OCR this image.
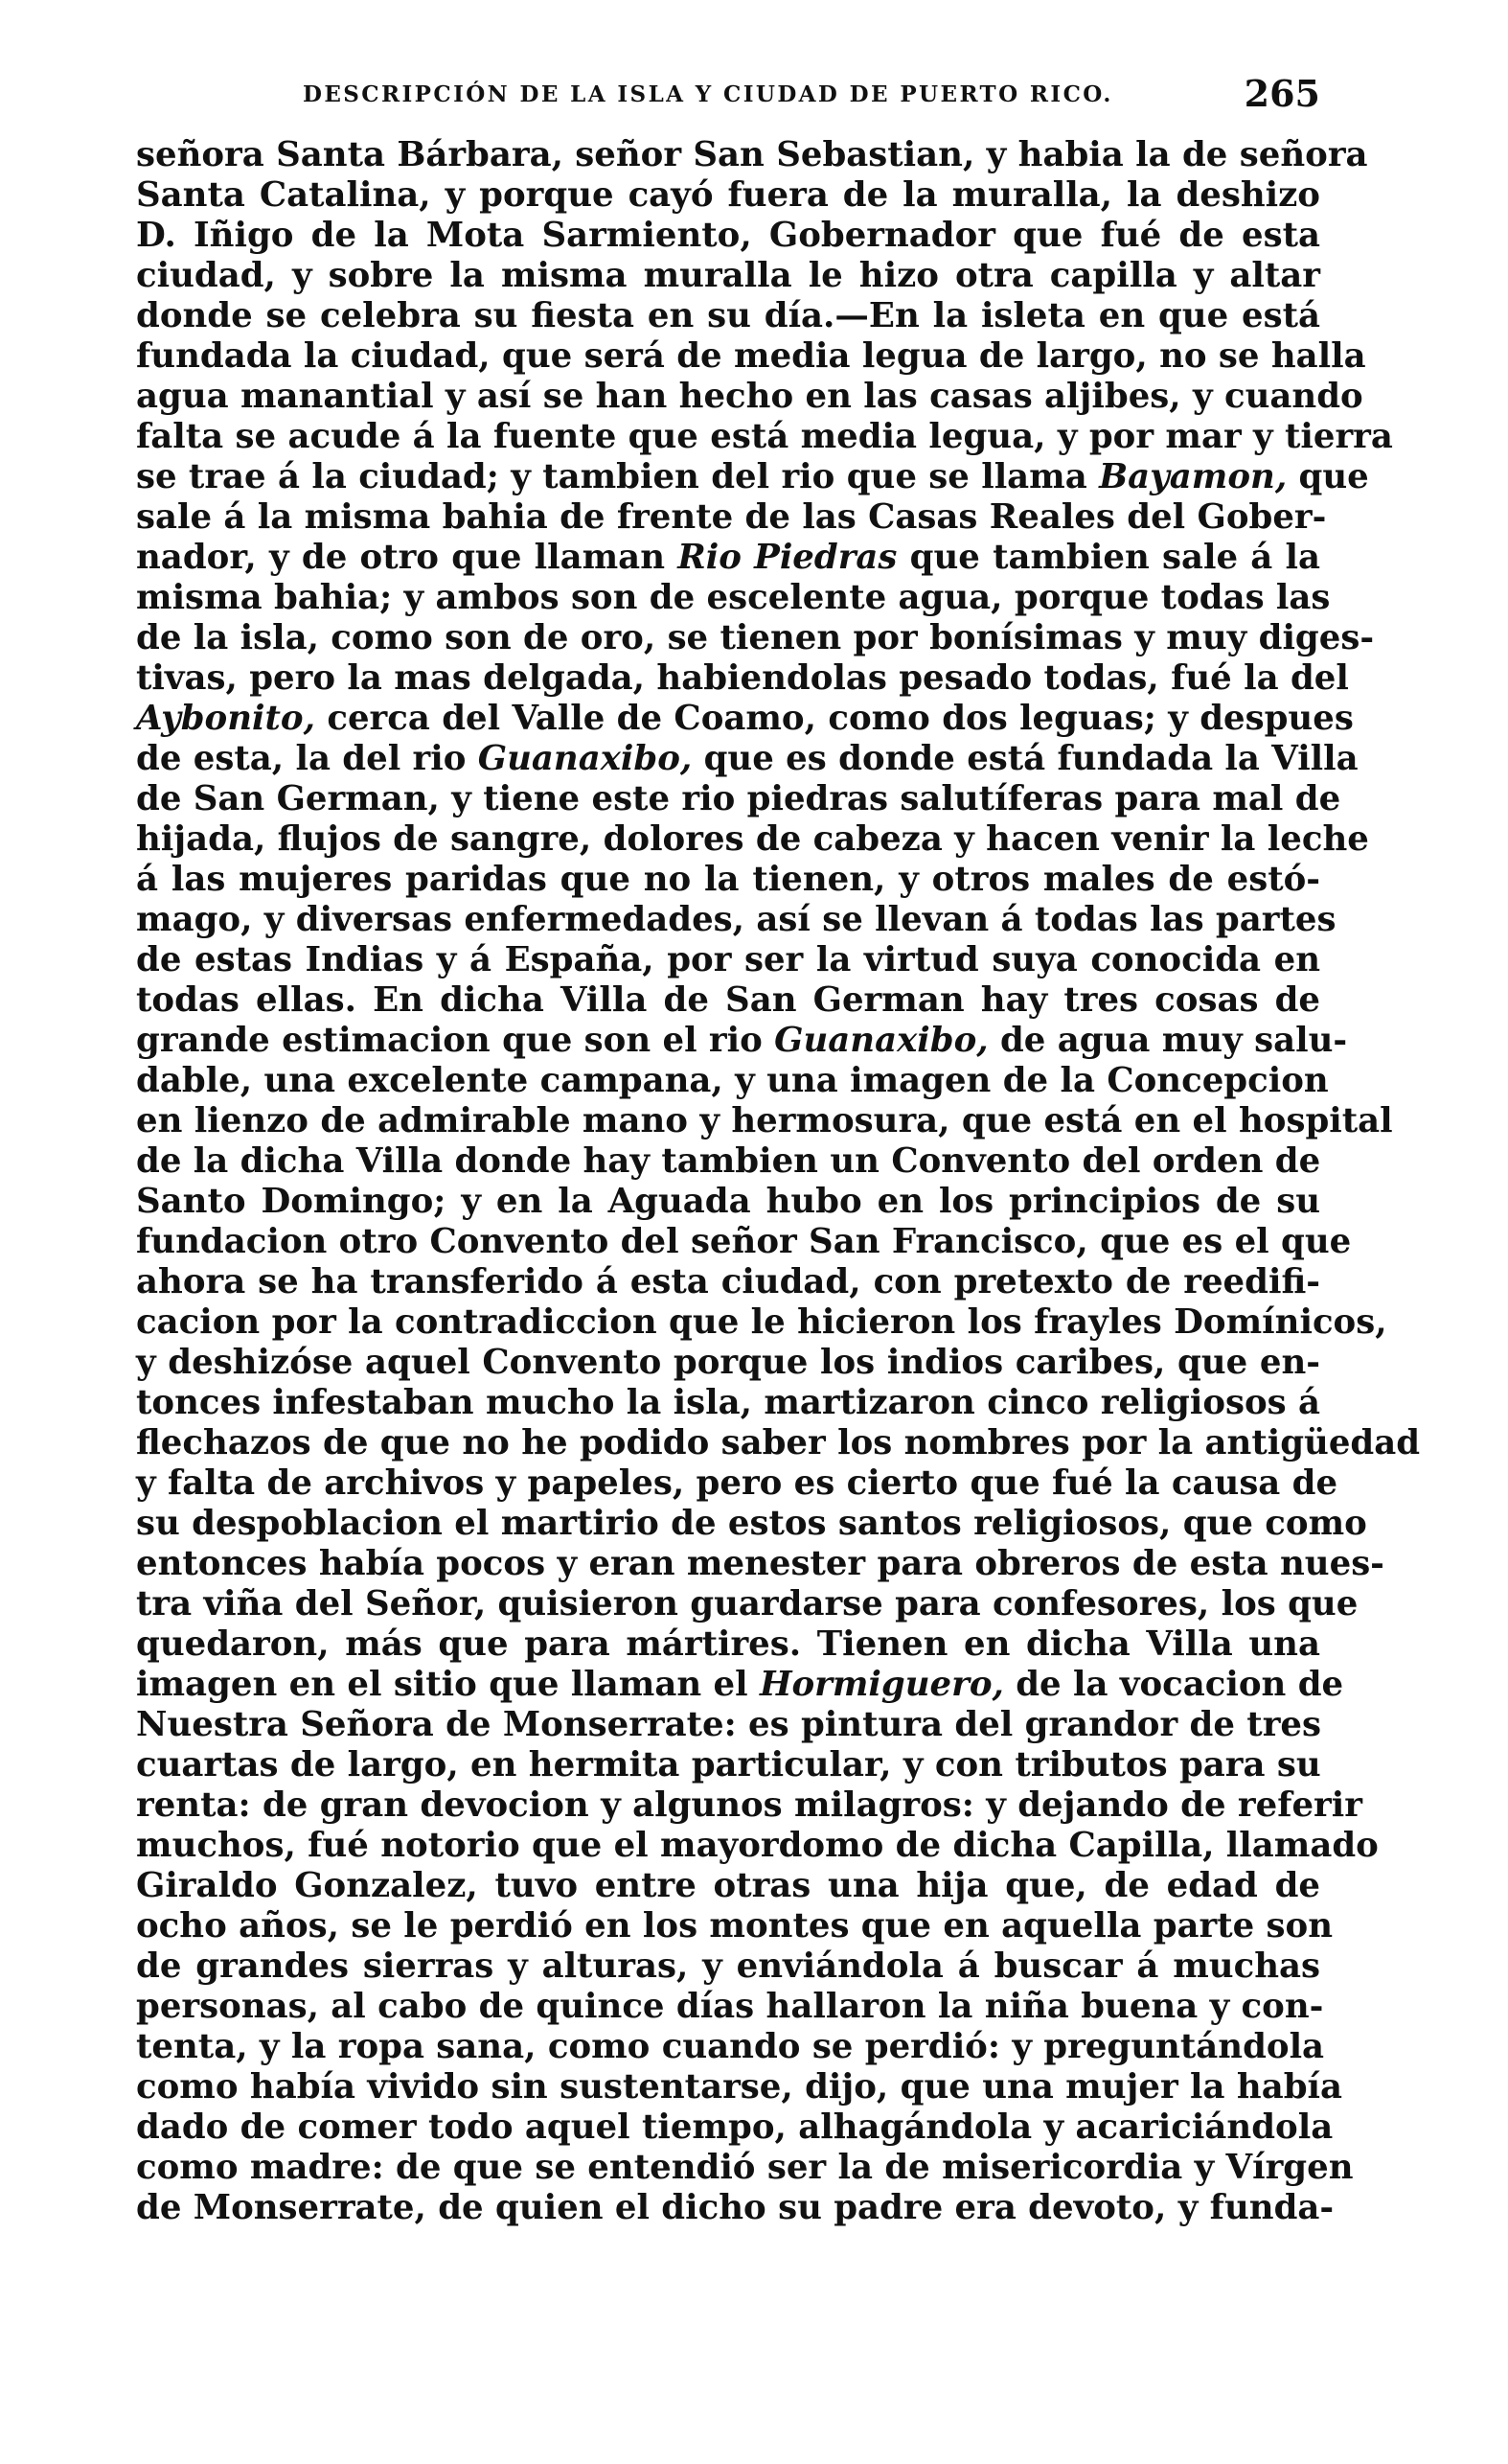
DESCRIPCIÓN DE LA ISLA Y CIUDAD DE PUERTO RICO.	265
señora Santa Bárbara, señor San Sebastian, y habia la de señora
Santa Catalina, y porque cayó fuera de la muralla, la deshizo
D. Iñigo de la Mota Sarmiento, Gobernador que fué de esta
ciudad, y sobre la misma muralla le hizo otra capilla y altar
donde se celebra su fiesta en su día.—En la isleta en que está
fundada la ciudad, que será de media legua de largo, no se halla
agua manantial y así se han hecho en las casas aljibes, y cuando
falta se acude á la fuente que está media legua, y por mar y tierra
se trae á la ciudad; y tambien del rio que se llama Bayamon, que
sale á la misma bahia de frente de las Casas Reales del Gober-
nador, y de otro que llaman Rio Piedras que tambien sale á la
misma bahia; y ambos son de escelente agua, porque todas las
de la isla, como son de oro, se tienen por bonísimas y muy diges-
tivas, pero la mas delgada, habiendolas pesado todas, fué la del
Aybonito, cerca del Valle de Coamo, como dos leguas; y despues
de esta, la del rio Guanaxibo, que es donde está fundada la Villa
de San German, y tiene este rio piedras salutíferas para mal de
hijada, flujos de sangre, dolores de cabeza y hacen venir la leche
á las mujeres paridas que no la tienen, y otros males de estó-
mago, y diversas enfermedades, así se llevan á todas las partes
de estas Indias y á España, por ser la virtud suya conocida en
todas ellas. En dicha Villa de San German hay tres cosas de
grande estimacion que son el rio Guanaxibo, de agua muy salu-
dable, una excelente campana, y una imagen de la Concepcion
en lienzo de admirable mano y hermosura, que está en el hospital
de la dicha Villa donde hay tambien un Convento del orden de
Santo Domingo; y en la Aguada hubo en los principios de su
fundacion otro Convento del señor San Francisco, que es el que
ahora se ha transferido á esta ciudad, con pretexto de reedifi-
cacion por la contradiccion que le hicieron los frayles Domínicos,
y deshizóse aquel Convento porque los indios caribes, que en-
tonces infestaban mucho la isla, martizaron cinco religiosos á
flechazos de que no he podido saber los nombres por la antigüedad
y falta de archivos y papeles, pero es cierto que fué la causa de
su despoblacion el martirio de estos santos religiosos, que como
entonces había pocos y eran menester para obreros de esta nues-
tra viña del Señor, quisieron guardarse para confesores, los que
quedaron, más que para mártires. Tienen en dicha Villa una
imagen en el sitio que llaman el Hormiguero, de la vocacion de
Nuestra Señora de Monserrate: es pintura del grandor de tres
cuartas de largo, en hermita particular, y con tributos para su
renta: de gran devocion y algunos milagros: y dejando de referir
muchos, fué notorio que el mayordomo de dicha Capilla, llamado
Giraldo Gonzalez, tuvo entre otras una hija que, de edad de
ocho años, se le perdió en los montes que en aquella parte son
de grandes sierras y alturas, y enviándola á buscar á muchas
personas, al cabo de quince días hallaron la niña buena y con-
tenta, y la ropa sana, como cuando se perdió: y preguntándola
como había vivido sin sustentarse, dijo, que una mujer la había
dado de comer todo aquel tiempo, alhagándola y acariciándola
como madre: de que se entendió ser la de misericordia y Vírgen
de Monserrate, de quien el dicho su padre era devoto, y funda-
